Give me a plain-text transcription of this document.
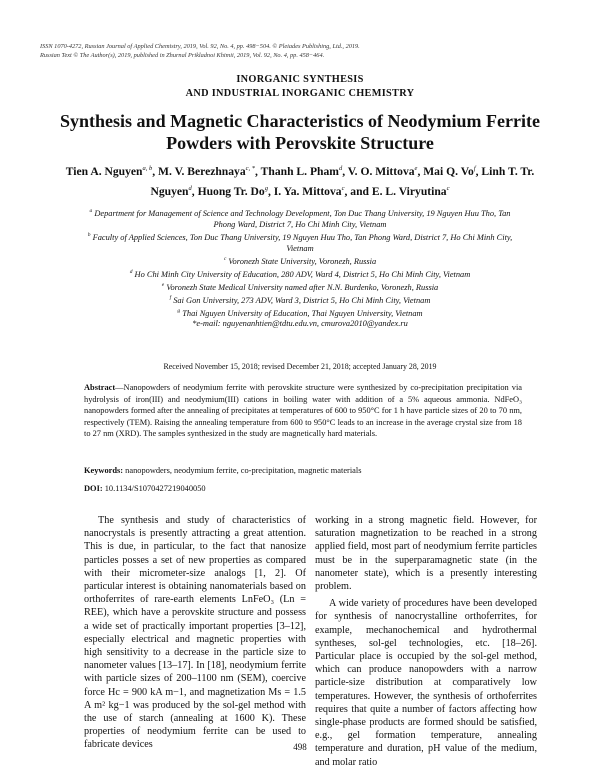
ISSN 1070-4272, Russian Journal of Applied Chemistry, 2019, Vol. 92, No. 4, pp. 498−504. © Pleiades Publishing, Ltd., 2019.
Russian Text © The Author(s), 2019, published in Zhurnal Prikladnoi Khimii, 2019, Vol. 92, No. 4, pp. 458−464.
INORGANIC SYNTHESIS
AND INDUSTRIAL INORGANIC CHEMISTRY
Synthesis and Magnetic Characteristics of Neodymium Ferrite Powders with Perovskite Structure
Tien A. Nguyen$^{a, b}$, M. V. Berezhnaya$^{c, *}$, Thanh L. Pham$^d$, V. O. Mittova$^e$, Mai Q. Vo$^f$, Linh T. Tr. Nguyen$^d$, Huong Tr. Do$^g$, I. Ya. Mittova$^c$, and E. L. Viryutina$^c$
$^a$ Department for Management of Science and Technology Development, Ton Duc Thang University, 19 Nguyen Huu Tho, Tan Phong Ward, District 7, Ho Chi Minh City, Vietnam
$^b$ Faculty of Applied Sciences, Ton Duc Thang University, 19 Nguyen Huu Tho, Tan Phong Ward, District 7, Ho Chi Minh City, Vietnam
$^c$ Voronezh State University, Voronezh, Russia
$^d$ Ho Chi Minh City University of Education, 280 ADV, Ward 4, District 5, Ho Chi Minh City, Vietnam
$^e$ Voronezh State Medical University named after N.N. Burdenko, Voronezh, Russia
$^f$ Sai Gon University, 273 ADV, Ward 3, District 5, Ho Chi Minh City, Vietnam
$^g$ Thai Nguyen University of Education, Thai Nguyen University, Vietnam
*e-mail: nguyenanhtien@tdtu.edu.vn, cmurova2010@yandex.ru
Received November 15, 2018; revised December 21, 2018; accepted January 28, 2019
Abstract—Nanopowders of neodymium ferrite with perovskite structure were synthesized by co-precipitation precipitation via hydrolysis of iron(III) and neodymium(III) cations in boiling water with addition of a 5% aqueous ammonia. NdFeO₃ nanopowders formed after the annealing of precipitates at temperatures of 600 to 950°C for 1 h have particle sizes of 20 to 70 nm, respectively (TEM). Raising the annealing temperature from 600 to 950°C leads to an increase in the average crystal size from 18 to 27 nm (XRD). The samples synthesized in the study are magnetically hard materials.
Keywords: nanopowders, neodymium ferrite, co-precipitation, magnetic materials
DOI: 10.1134/S1070427219040050

The synthesis and study of characteristics of nanocrystals is presently attracting a great attention. This is due, in particular, to the fact that nanosize particles posses a set of new properties as compared with their micrometer-size analogs [1, 2]. Of particular interest is obtaining nanomaterials based on orthoferrites of rare-earth elements LnFeO₃ (Ln = REE), which have a perovskite structure and possess a wide set of practically important properties [3–12], especially electrical and magnetic properties with high sensitivity to a decrease in the particle size to nanometer values [13–17]. In [18], neodymium ferrite with particle sizes of 200–1100 nm (SEM), coercive force Hc = 900 kA m−1, and magnetization Ms = 1.5 A m² kg−1 was produced by the sol-gel method with the use of starch (annealing at 1600 K). These properties of neodymium ferrite can be used to fabricate devices

working in a strong magnetic field. However, for saturation magnetization to be reached in a strong applied field, most part of neodymium ferrite particles must be in the superparamagnetic state (in the nanometer state), which is a presently interesting problem.

A wide variety of procedures have been developed for synthesis of nanocrystalline orthoferrites, for example, mechanochemical and hydrothermal syntheses, sol-gel technologies, etc. [18–26]. Particular place is occupied by the sol-gel method, which can produce nanopowders with a narrow particle-size distribution at comparatively low temperatures. However, the synthesis of orthoferrites requires that quite a number of factors affecting how single-phase products are formed should be satisfied, e.g., gel formation temperature, annealing temperature and duration, pH value of the medium, and molar ratio

498
